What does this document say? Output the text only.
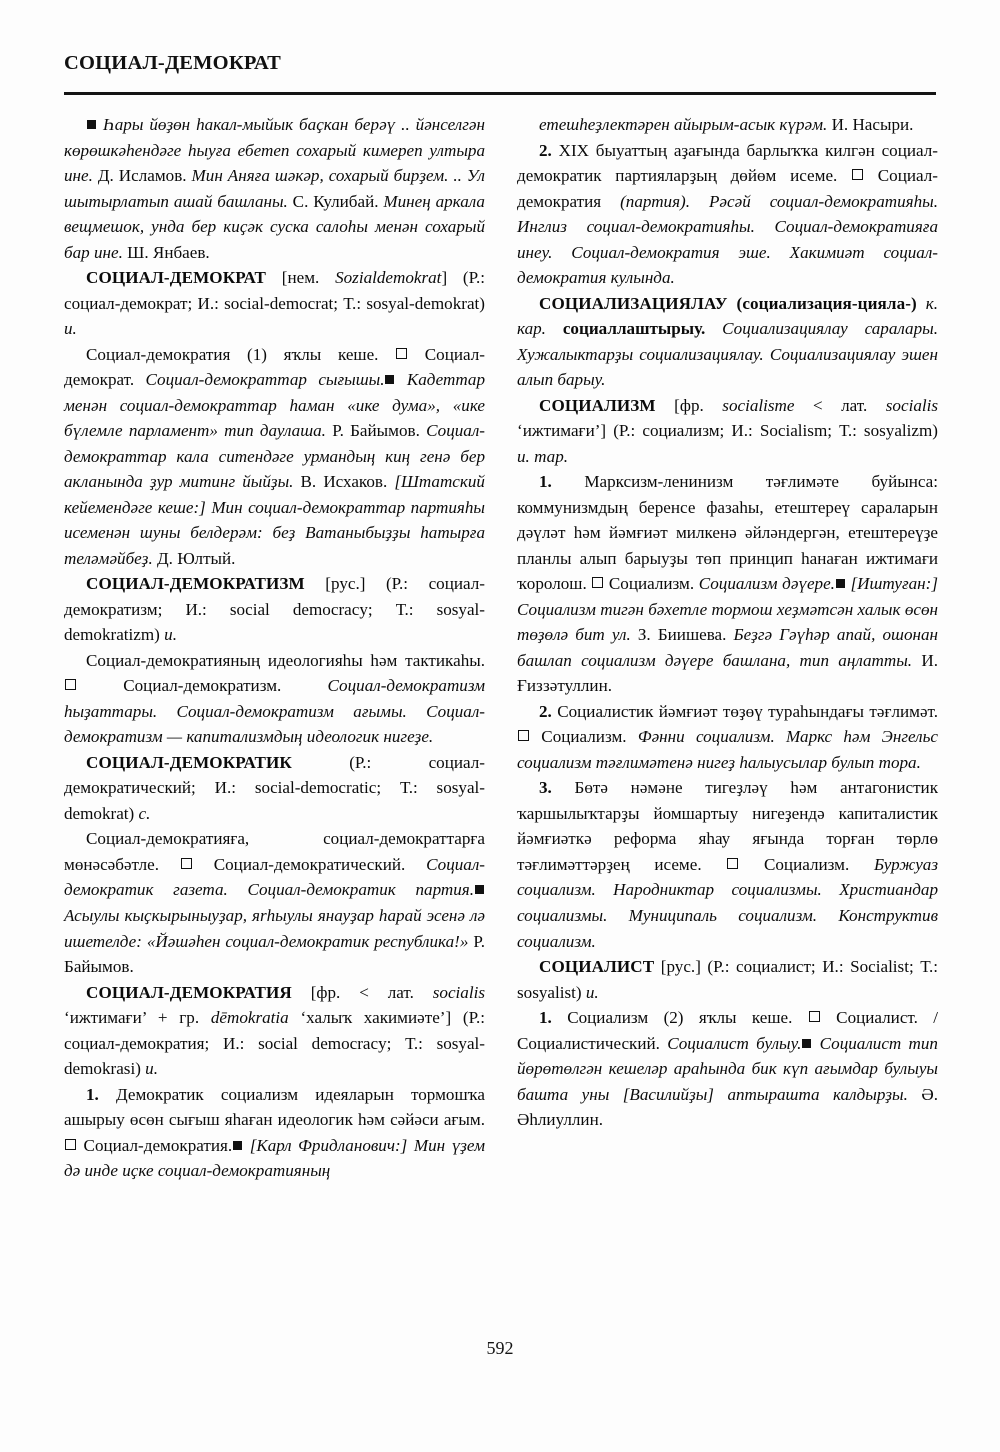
СОЦИАЛ-ДЕМОКРАТ

Һары йөҙөн һакал-мыйык баҫкан берәү .. йәнселгән көрөшкәһендәге һыуға ебетеп сохарый кимереп ултыра ине. Д. Исламов. Мин Аняға шәкәр, сохарый бирҙем. .. Ул шытырлатып ашай башланы. С. Кулибай. Минең аркала вещмешок, унда бер киҫәк суска салоһы менән сохарый бар ине. Ш. Янбаев.

СОЦИАЛ-ДЕМОКРАТ [нем. Sozialdemokrat] (Р.: социал-демократ; И.: social-democrat; Т.: sosyal-demokrat) и.

Социал-демократия (1) яҡлы кеше.  Социал-демократ. Социал-демократтар сығышы. Кадеттар менән социал-демократтар һаман «ике дума», «ике бүлемле парламент» тип даулаша. Р. Байымов. Социал-демократтар кала ситендәге урмандың киң генә бер акланында ҙур митинг йыйҙы. В. Исхаков. [Штатский кейемендәге кеше:] Мин социал-демократтар партияһы исеменән шуны белдерәм: беҙ Ватаныбыҙҙы һатырға теләмәйбеҙ. Д. Юлтый.

СОЦИАЛ-ДЕМОКРАТИЗМ [рус.] (Р.: социал-демократизм; И.: social democracy; Т.: sosyal-demokratizm) и.

Социал-демократияның идеологияһы һәм тактикаһы.  Социал-демократизм. Социал-демократизм һыҙаттары. Социал-демократизм ағымы. Социал-демократизм — капитализмдың идеологик нигеҙе.

СОЦИАЛ-ДЕМОКРАТИК (Р.: социал-демократический; И.: social-democratic; Т.: sosyal-demokrat) с.

Социал-демократияға, социал-демократтарға мөнәсәбәтле.  Социал-демократический. Социал-демократик газета. Социал-демократик партия. Асыулы кыҫкырыныуҙар, яrһыулы янауҙар һарай эсенә лә ишетелде: «Йәшәһен социал-демократик республика!» Р. Байымов.

СОЦИАЛ-ДЕМОКРАТИЯ [фр. < лат. socialis ‘ижтимағи’ + гр. dēmokratia ‘халыҡ хакимиәте’] (Р.: социал-демократия; И.: social democracy; Т.: sosyal-demokrasi) и.

1. Демократик социализм идеяларын тормошҡа ашырыу өсөн сығыш яһаған идеологик һәм сәйәси ағым.  Социал-демократия. [Карл Фридланович:] Мин үҙем дә инде иҫке социал-демократияның

етешһеҙлектәрен айырым-асык күрәм. И. Насыри.

2. XIX быуаттың аҙағында барлыҡҡа килгән социал-демократик партияларҙың дөйөм исеме.  Социал-демократия (партия). Рәсәй социал-демократияһы. Инглиз социал-демократияһы. Социал-демократияға инеу. Социал-демократия эше. Хакимиәт социал-демократия кулында.

СОЦИАЛИЗАЦИЯЛАУ (социализация-цияла-) к. кар. социаллаштырыу. Социализациялау саралары. Хужалыктарҙы социализациялау. Социализациялау эшен алып барыу.

СОЦИАЛИЗМ [фр. socialisme < лат. socialis ‘ижтимағи’] (Р.: социализм; И.: Socialism; Т.: sosyalizm) и. тар.

1. Марксизм-ленинизм тәғлимәте буйынса: коммунизмдың беренсе фазаһы, етештереү сараларын дәүләт һәм йәмғиәт милкенә әйләндергән, етештереүҙе планлы алып барыуҙы төп принцип һанаған ижтимағи ҡоролош.  Социализм. Социализм дәүере. [Иштуған:] Социализм тигән бәхетле тормош хеҙмәтсән халык өсөн төҙөлә бит ул. З. Биишева. Беҙгә Гәүһәр апай, ошонан башлап социализм дәүере башлана, тип аңлатты. И. Ғиззәтуллин.

2. Социалистик йәмғиәт төҙөү тураһындағы тәғлимәт.  Социализм. Фәнни социализм. Маркс һәм Энгельс социализм тәғлимәтенә нигеҙ һалыусылар булып тора.

3. Бөтә нәмәне тигеҙләү һәм антагонистик ҡаршылыҡтарҙы йомшартыу нигеҙендә капиталистик йәмғиәткә реформа яһау яғында торған төрлө тәғлимәттәрҙең исеме.  Социализм. Буржуаз социализм. Народниктар социализмы. Христиандар социализмы. Муниципаль социализм. Конструктив социализм.

СОЦИАЛИСТ [рус.] (Р.: социалист; И.: Socialist; Т.: sosyalist) и.

1. Социализм (2) яҡлы кеше.  Социалист. / Социалистический. Социалист булыу. Социалист тип йөрөтөлгән кешеләр араһында бик күп ағымдар булыуы башта уны [Василийҙы] аптырашта калдырҙы. Ә. Әһлиуллин.

592
